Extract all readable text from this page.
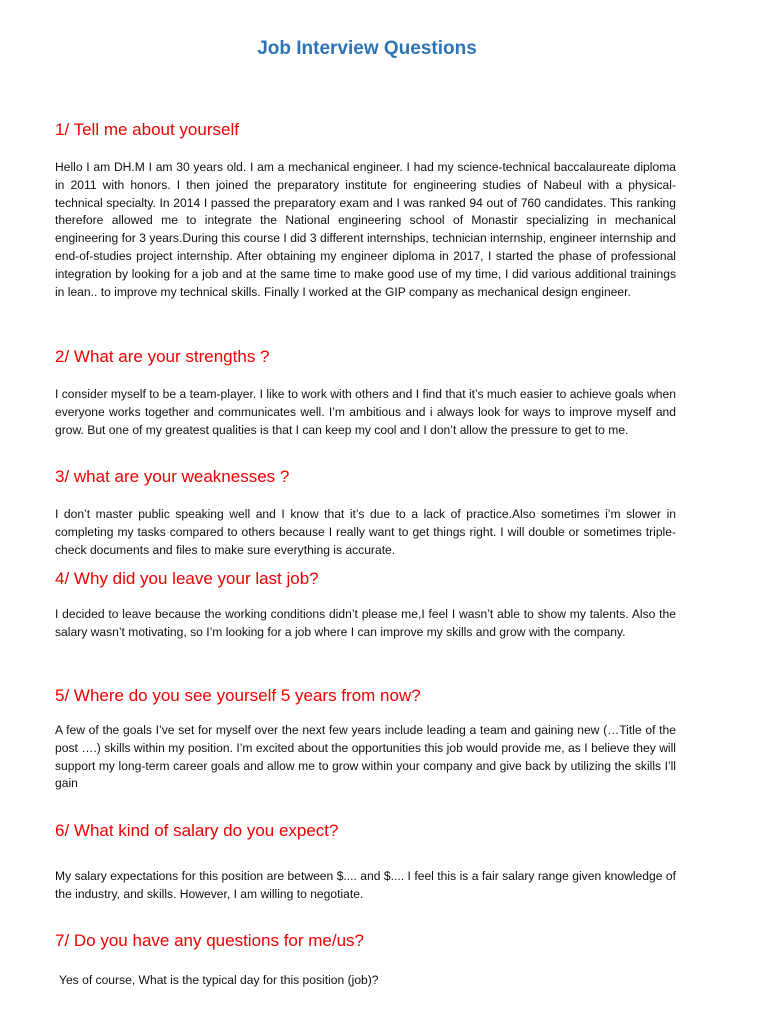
Job Interview Questions
1/ Tell me about yourself
Hello I am DH.M I am 30 years old. I am a mechanical engineer. I had my science-technical baccalaureate diploma in 2011 with honors. I then joined the preparatory institute for engineering studies of Nabeul with a physical-technical specialty. In 2014 I passed the preparatory exam and I was ranked 94 out of 760 candidates. This ranking therefore allowed me to integrate the National engineering school of Monastir specializing in mechanical engineering for 3 years.During this course I did 3 different internships, technician internship, engineer internship and end-of-studies project internship. After obtaining my engineer diploma in 2017, I started the phase of professional integration by looking for a job and at the same time to make good use of my time, I did various additional trainings in lean.. to improve my technical skills. Finally I worked at the GIP company as mechanical design engineer.
2/ What are your strengths ?
I consider myself to be a team-player. I like to work with others and I find that it’s much easier to achieve goals when everyone works together and communicates well. I’m ambitious and i always look for ways to improve myself and grow. But one of my greatest qualities is that I can keep my cool and I don’t allow the pressure to get to me.
3/ what are your weaknesses ?
I don’t master public speaking well and I know that it’s due to a lack of practice.Also sometimes i’m slower in completing my tasks compared to others because I really want to get things right. I will double or sometimes triple-check documents and files to make sure everything is accurate.
4/ Why did you leave your last job?
I decided to leave because the working conditions didn’t please me,I feel I wasn’t able to show my talents. Also the salary wasn’t motivating, so I’m looking for a job where I can improve my skills and grow with the company.
5/ Where do you see yourself 5 years from now?
A few of the goals I’ve set for myself over the next few years include leading a team and gaining new (…Title of the post ….) skills within my position. I’m excited about the opportunities this job would provide me, as I believe they will support my long-term career goals and allow me to grow within your company and give back by utilizing the skills I’ll gain
6/ What kind of salary do you expect?
My salary expectations for this position are between $.... and $.... I feel this is a fair salary range given knowledge of the industry, and skills. However, I am willing to negotiate.
7/ Do you have any questions for me/us?
Yes of course, What is the typical day for this position (job)?
